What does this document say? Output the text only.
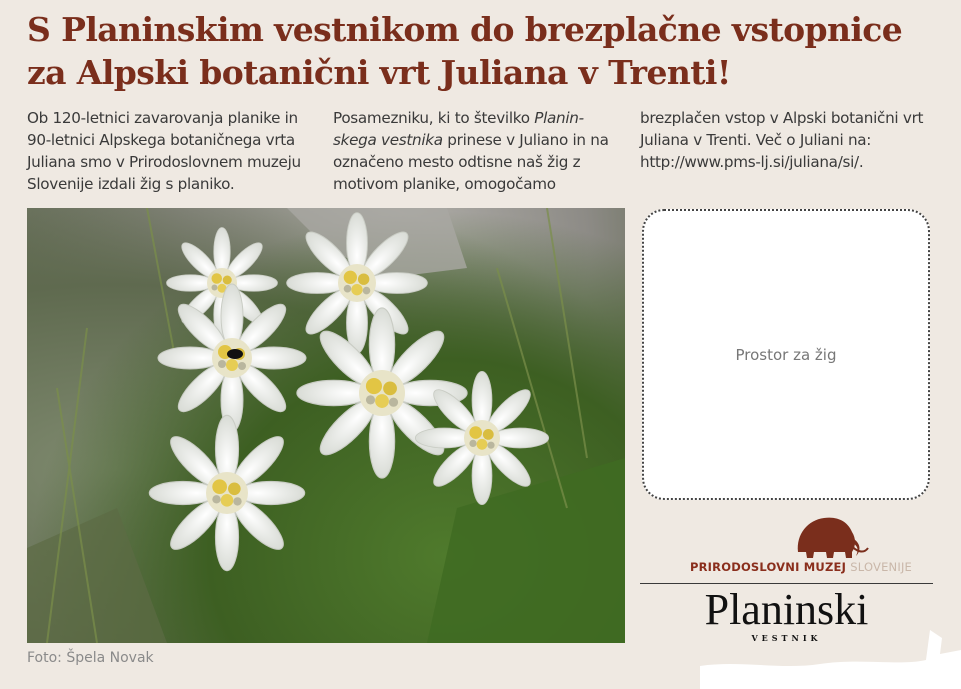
S Planinskim vestnikom do brezplačne vstopnice za Alpski botanični vrt Juliana v Trenti!
Ob 120-letnici zavarovanja planike in 90-letnici Alpskega botaničnega vrta Juliana smo v Prirodoslovnem muzeju Slovenije izdali žig s planiko.
Posamezniku, ki to številko Planin-skega vestnika prinese v Juliano in na označeno mesto odtisne naš žig z motivom planike, omogočamo
brezplačen vstop v Alpski botanični vrt Juliana v Trenti. Več o Juliani na: http://www.pms-lj.si/juliana/si/.
Foto: Špela Novak
Prostor za žig
PRIRODOSLOVNI MUZEJ SLOVENIJE
Planinski
VESTNIK
